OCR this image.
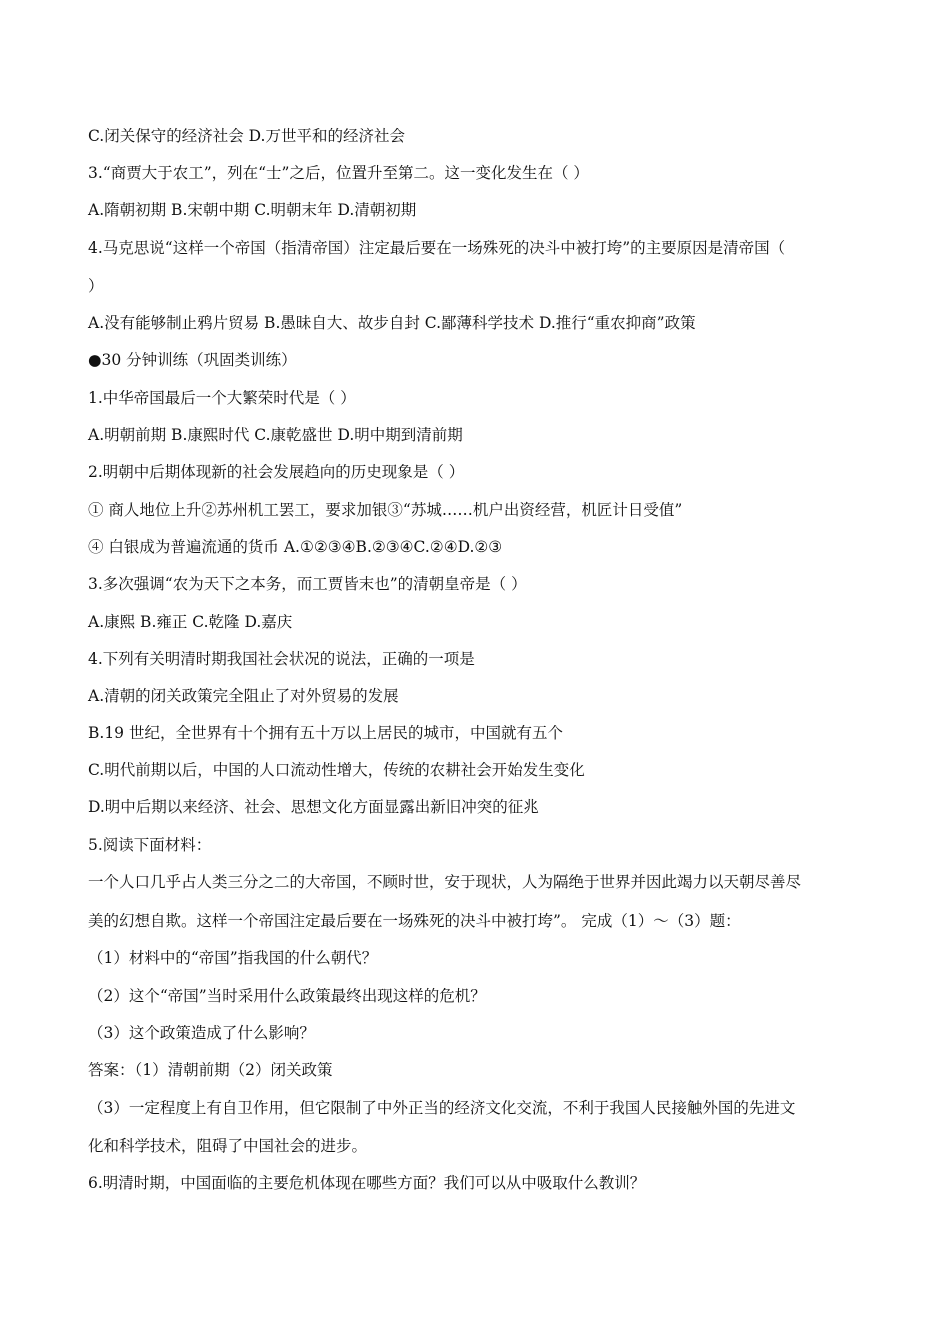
C.闭关保守的经济社会 D.万世平和的经济社会
3.“商贾大于农工”，列在“士”之后，位置升至第二。这一变化发生在（ ）
A.隋朝初期 B.宋朝中期 C.明朝末年 D.清朝初期
4.马克思说“这样一个帝国（指清帝国）注定最后要在一场殊死的决斗中被打垮”的主要原因是清帝国（
）
A.没有能够制止鸦片贸易 B.愚昧自大、故步自封 C.鄙薄科学技术 D.推行“重农抑商”政策
●30 分钟训练（巩固类训练）
1.中华帝国最后一个大繁荣时代是（ ）
A.明朝前期 B.康熙时代 C.康乾盛世 D.明中期到清前期
2.明朝中后期体现新的社会发展趋向的历史现象是（ ）
① 商人地位上升②苏州机工罢工，要求加银③“苏城……机户出资经营，机匠计日受值”
④ 白银成为普遍流通的货币 A.①②③④B.②③④C.②④D.②③
3.多次强调“农为天下之本务，而工贾皆末也”的清朝皇帝是（ ）
A.康熙 B.雍正 C.乾隆 D.嘉庆
4.下列有关明清时期我国社会状况的说法，正确的一项是
A.清朝的闭关政策完全阻止了对外贸易的发展
B.19 世纪，全世界有十个拥有五十万以上居民的城市，中国就有五个
C.明代前期以后，中国的人口流动性增大，传统的农耕社会开始发生变化
D.明中后期以来经济、社会、思想文化方面显露出新旧冲突的征兆
5.阅读下面材料：
一个人口几乎占人类三分之二的大帝国，不顾时世，安于现状，人为隔绝于世界并因此竭力以天朝尽善尽
美的幻想自欺。这样一个帝国注定最后要在一场殊死的决斗中被打垮”。 完成（1）～（3）题：
（1）材料中的“帝国”指我国的什么朝代？
（2）这个“帝国”当时采用什么政策最终出现这样的危机？
（3）这个政策造成了什么影响？
答案：（1）清朝前期（2）闭关政策
（3）一定程度上有自卫作用，但它限制了中外正当的经济文化交流，不利于我国人民接触外国的先进文
化和科学技术，阻碍了中国社会的进步。
6.明清时期，中国面临的主要危机体现在哪些方面？我们可以从中吸取什么教训？
